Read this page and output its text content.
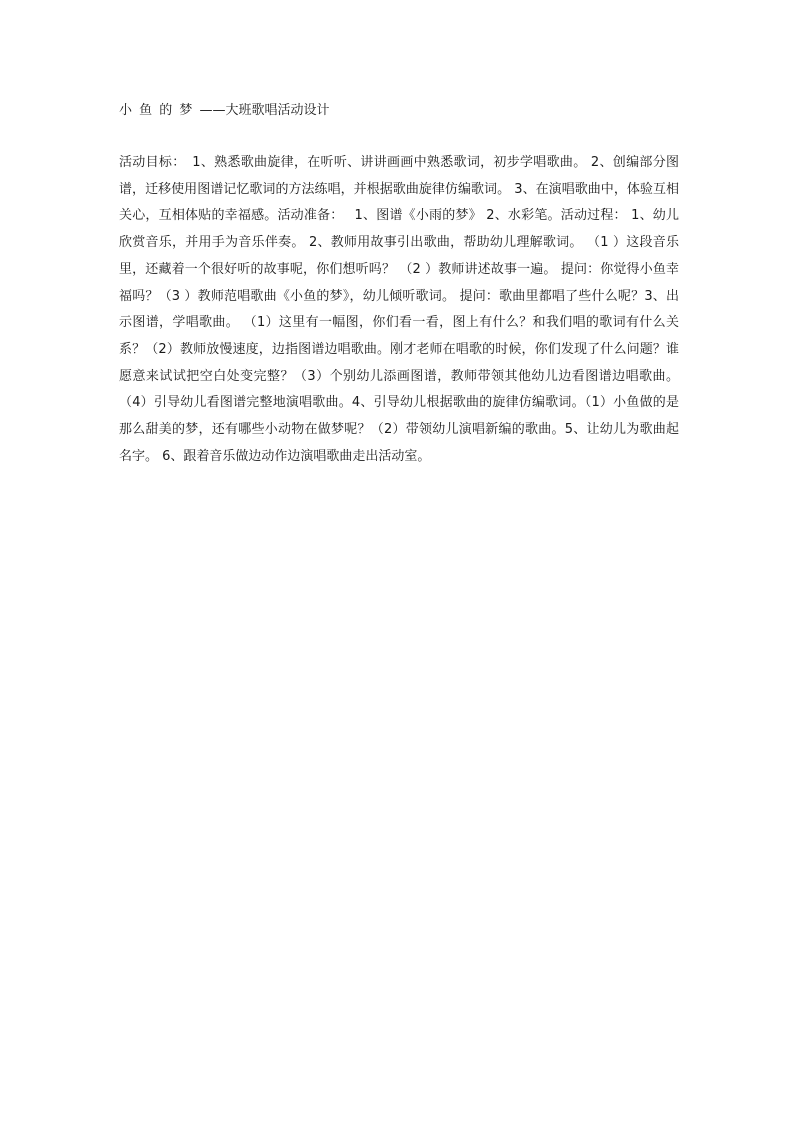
小 鱼 的 梦 ——大班歌唱活动设计

活动目标：　1、熟悉歌曲旋律，在听听、讲讲画画中熟悉歌词，初步学唱歌曲。 2、创编部分图谱，迁移使用图谱记忆歌词的方法练唱，并根据歌曲旋律仿编歌词。 3、在演唱歌曲中，体验互相关心，互相体贴的幸福感。活动准备：　 1、图谱《小雨的梦》 2、水彩笔。活动过程： 1、幼儿欣赏音乐，并用手为音乐伴奏。 2、教师用故事引出歌曲，帮助幼儿理解歌词。 （1 ）这段音乐里，还藏着一个很好听的故事呢，你们想听吗？ （2 ）教师讲述故事一遍。 提问：你觉得小鱼幸福吗？（3 ）教师范唱歌曲《小鱼的梦》，幼儿倾听歌词。 提问：歌曲里都唱了些什么呢？3、出示图谱，学唱歌曲。 （1）这里有一幅图，你们看一看，图上有什么？和我们唱的歌词有什么关系？（2）教师放慢速度，边指图谱边唱歌曲。刚才老师在唱歌的时候，你们发现了什么问题？谁愿意来试试把空白处变完整？（3）个别幼儿添画图谱，教师带领其他幼儿边看图谱边唱歌曲。（4）引导幼儿看图谱完整地演唱歌曲。4、引导幼儿根据歌曲的旋律仿编歌词。（1）小鱼做的是那么甜美的梦，还有哪些小动物在做梦呢？（2）带领幼儿演唱新编的歌曲。5、让幼儿为歌曲起名字。 6、跟着音乐做边动作边演唱歌曲走出活动室。
